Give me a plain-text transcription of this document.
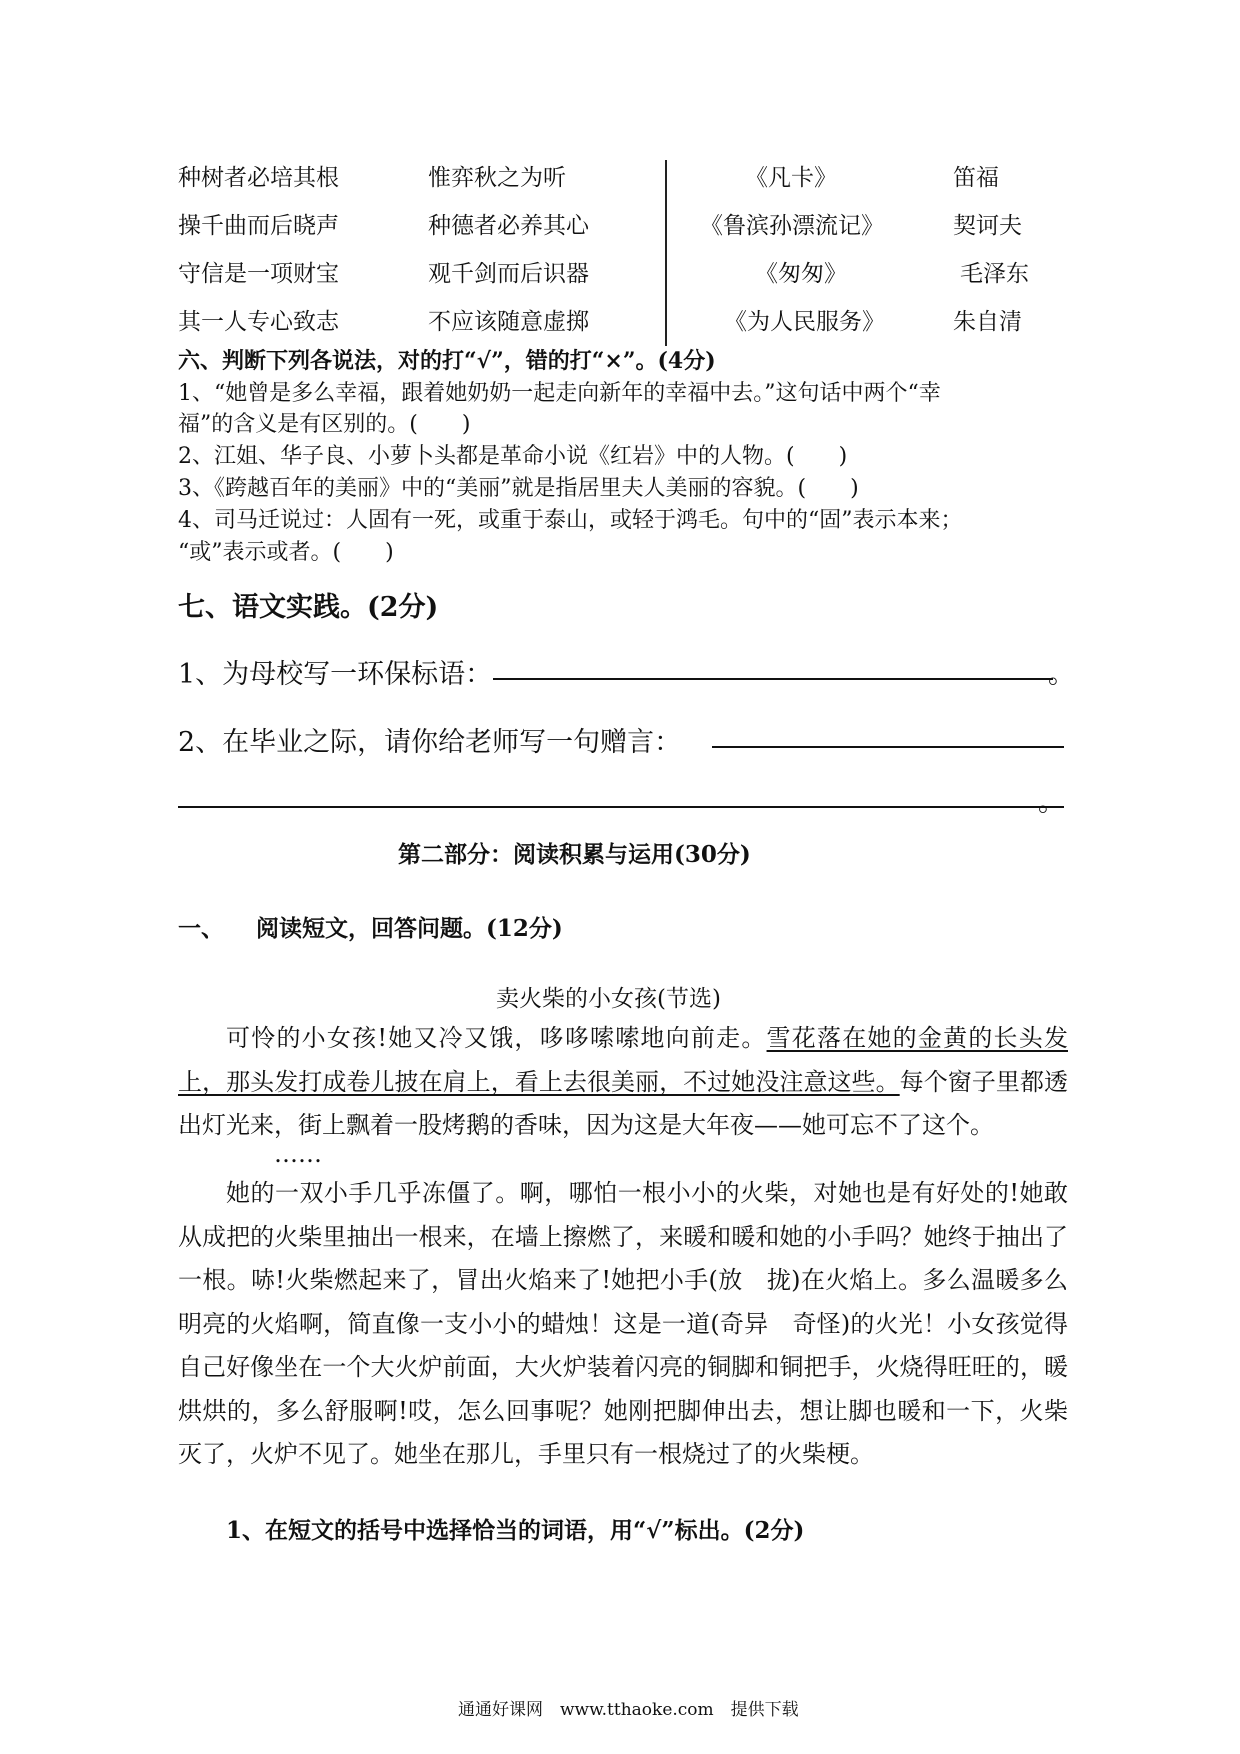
种树者必培其根
操千曲而后晓声
守信是一项财宝
其一人专心致志
惟弈秋之为听
种德者必养其心
观千剑而后识器
不应该随意虚掷
《凡卡》
《鲁滨孙漂流记》
《匆匆》
《为人民服务》
笛福
契诃夫
毛泽东
朱自清
六、判断下列各说法，对的打“√”，错的打“×”。(4分)
1、“她曾是多么幸福，跟着她奶奶一起走向新年的幸福中去。”这句话中两个“幸
福”的含义是有区别的。(　　)
2、江姐、华子良、小萝卜头都是革命小说《红岩》中的人物。(　　)
3、《跨越百年的美丽》中的“美丽”就是指居里夫人美丽的容貌。(　　)
4、司马迁说过：人固有一死，或重于泰山，或轻于鸿毛。句中的“固”表示本来；
“或”表示或者。(　　)
七、语文实践。(2分)
1、为母校写一环保标语：	。
2、在毕业之际，请你给老师写一句赠言：
。
第二部分：阅读积累与运用(30分)
一、 阅读短文，回答问题。(12分)
卖火柴的小女孩(节选)
可怜的小女孩!她又冷又饿，哆哆嗦嗦地向前走。雪花落在她的金黄的长头发上，那头发打成卷儿披在肩上，看上去很美丽，不过她没注意这些。每个窗子里都透出灯光来，街上飘着一股烤鹅的香味，因为这是大年夜——她可忘不了这个。
……
她的一双小手几乎冻僵了。啊，哪怕一根小小的火柴，对她也是有好处的!她敢从成把的火柴里抽出一根来，在墙上擦燃了，来暖和暖和她的小手吗？她终于抽出了一根。哧!火柴燃起来了，冒出火焰来了!她把小手(放　拢)在火焰上。多么温暖多么明亮的火焰啊，简直像一支小小的蜡烛！这是一道(奇异　奇怪)的火光！小女孩觉得自己好像坐在一个大火炉前面，大火炉装着闪亮的铜脚和铜把手，火烧得旺旺的，暖烘烘的，多么舒服啊!哎，怎么回事呢？她刚把脚伸出去，想让脚也暖和一下，火柴灭了，火炉不见了。她坐在那儿，手里只有一根烧过了的火柴梗。
1、在短文的括号中选择恰当的词语，用“√”标出。(2分)
通通好课网　www.tthaoke.com　提供下载
